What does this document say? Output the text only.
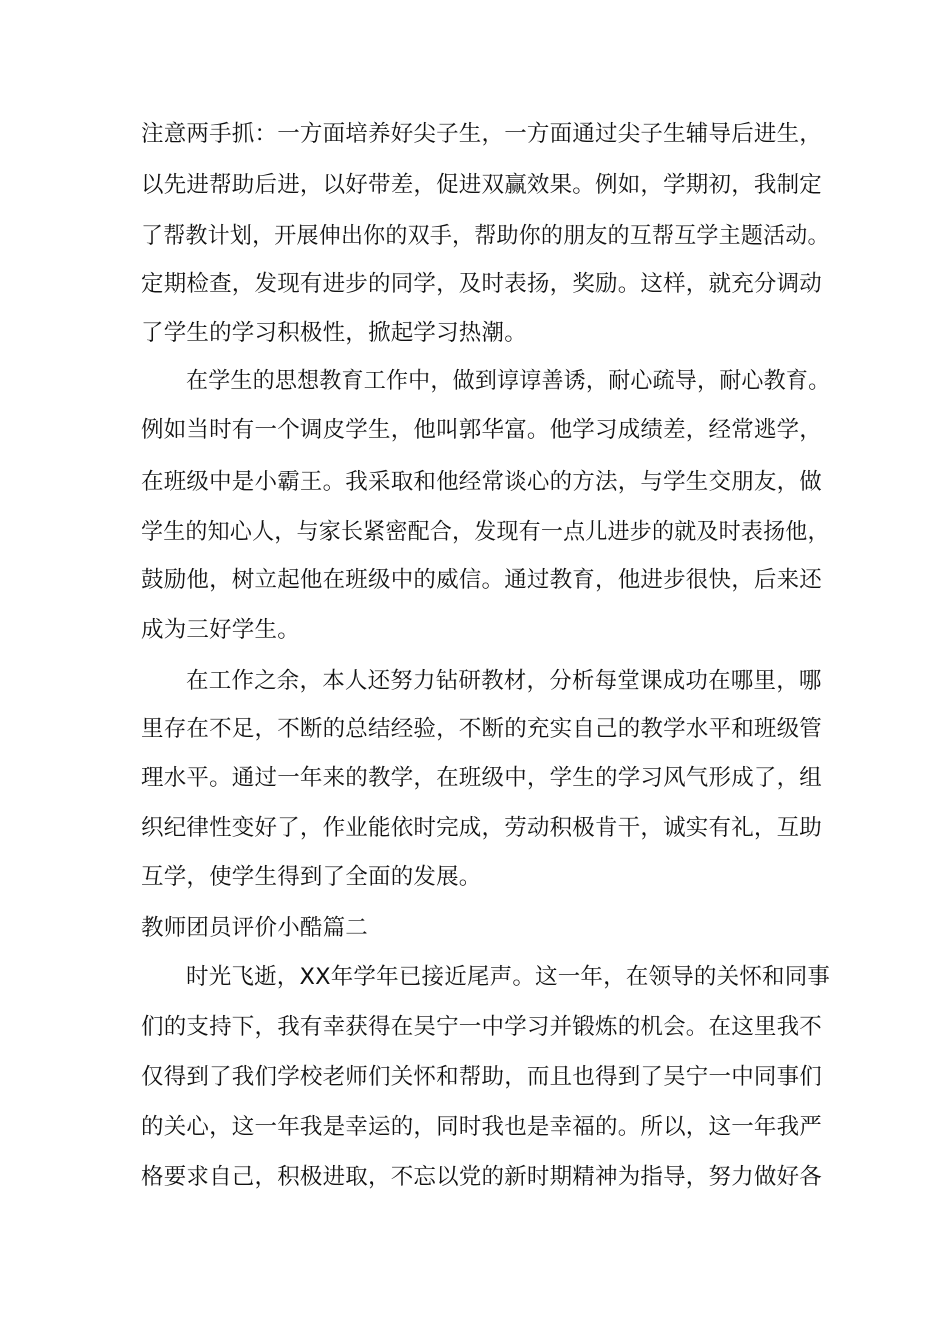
注意两手抓：一方面培养好尖子生，一方面通过尖子生辅导后进生，
以先进帮助后进，以好带差，促进双赢效果。例如，学期初，我制定
了帮教计划，开展伸出你的双手，帮助你的朋友的互帮互学主题活动。
定期检查，发现有进步的同学，及时表扬，奖励。这样，就充分调动
了学生的学习积极性，掀起学习热潮。
在学生的思想教育工作中，做到谆谆善诱，耐心疏导，耐心教育。
例如当时有一个调皮学生，他叫郭华富。他学习成绩差，经常逃学，
在班级中是小霸王。我采取和他经常谈心的方法，与学生交朋友，做
学生的知心人，与家长紧密配合，发现有一点儿进步的就及时表扬他，
鼓励他，树立起他在班级中的威信。通过教育，他进步很快，后来还
成为三好学生。
在工作之余，本人还努力钻研教材，分析每堂课成功在哪里，哪
里存在不足，不断的总结经验，不断的充实自己的教学水平和班级管
理水平。通过一年来的教学，在班级中，学生的学习风气形成了，组
织纪律性变好了，作业能依时完成，劳动积极肯干，诚实有礼，互助
互学，使学生得到了全面的发展。
教师团员评价小酷篇二
时光飞逝，XX年学年已接近尾声。这一年，在领导的关怀和同事
们的支持下，我有幸获得在吴宁一中学习并锻炼的机会。在这里我不
仅得到了我们学校老师们关怀和帮助，而且也得到了吴宁一中同事们
的关心，这一年我是幸运的，同时我也是幸福的。所以，这一年我严
格要求自己，积极进取，不忘以党的新时期精神为指导，努力做好各
